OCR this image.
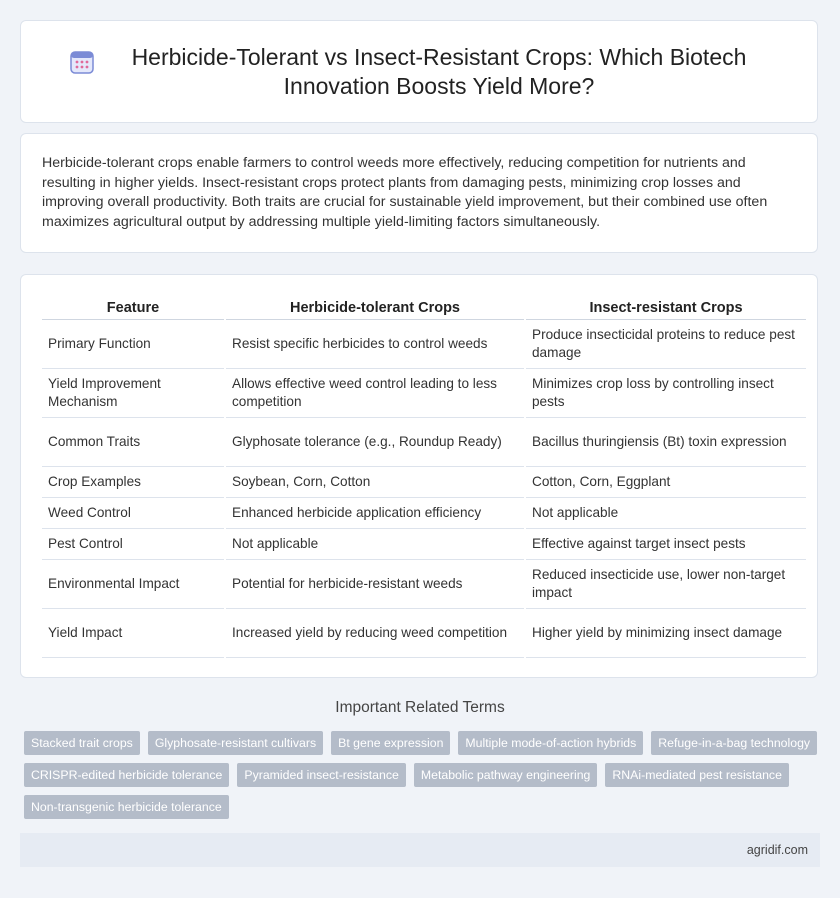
Herbicide-Tolerant vs Insect-Resistant Crops: Which Biotech Innovation Boosts Yield More?

Herbicide-tolerant crops enable farmers to control weeds more effectively, reducing competition for nutrients and resulting in higher yields. Insect-resistant crops protect plants from damaging pests, minimizing crop losses and improving overall productivity. Both traits are crucial for sustainable yield improvement, but their combined use often maximizes agricultural output by addressing multiple yield-limiting factors simultaneously.

Feature	Herbicide-tolerant Crops	Insect-resistant Crops
Primary Function	Resist specific herbicides to control weeds	Produce insecticidal proteins to reduce pest damage
Yield Improvement Mechanism	Allows effective weed control leading to less competition	Minimizes crop loss by controlling insect pests
Common Traits	Glyphosate tolerance (e.g., Roundup Ready)	Bacillus thuringiensis (Bt) toxin expression
Crop Examples	Soybean, Corn, Cotton	Cotton, Corn, Eggplant
Weed Control	Enhanced herbicide application efficiency	Not applicable
Pest Control	Not applicable	Effective against target insect pests
Environmental Impact	Potential for herbicide-resistant weeds	Reduced insecticide use, lower non-target impact
Yield Impact	Increased yield by reducing weed competition	Higher yield by minimizing insect damage
Important Related Terms
Stacked trait crops	Glyphosate-resistant cultivars	Bt gene expression	Multiple mode-of-action hybrids	Refuge-in-a-bag technology
CRISPR-edited herbicide tolerance	Pyramided insect-resistance	Metabolic pathway engineering	RNAi-mediated pest resistance
Non-transgenic herbicide tolerance
agridif.com
